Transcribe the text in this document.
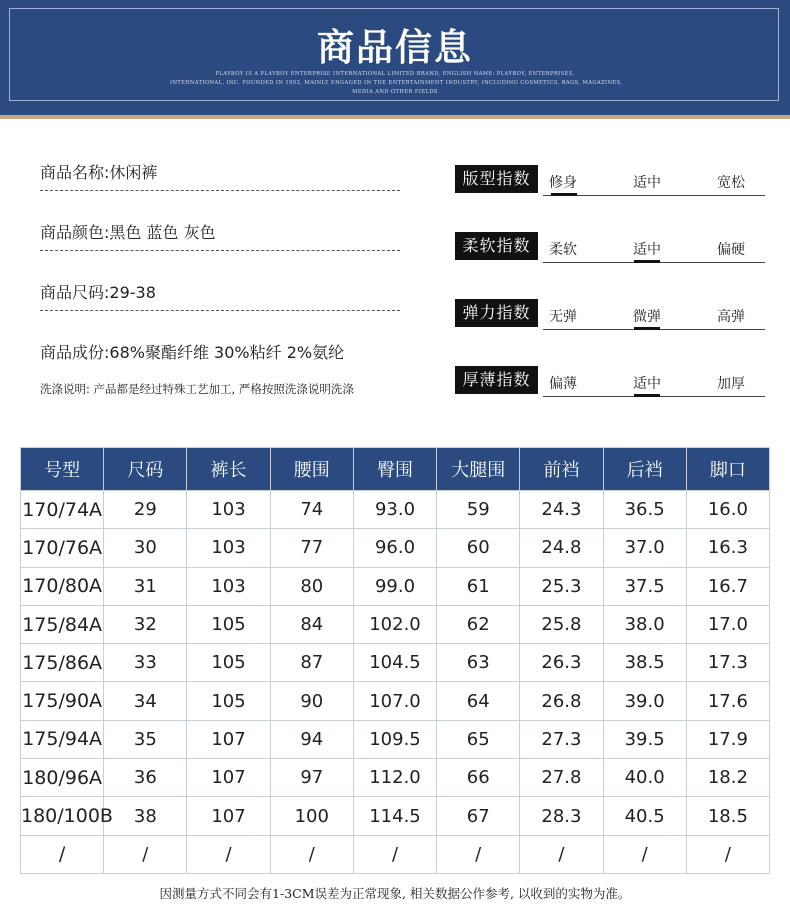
商品信息
PLAYBOY IS A PLAYBOY ENTERPRISE INTERNATIONAL LIMITED BRAND, ENGLISH NAME: PLAYBOY, ENTERPRISES,
INTERNATIONAL, INC. FOUNDED IN 1953, MAINLY ENGAGED IN THE ENTERTAINMENT INDUSTRY, INCLUDING COSMETICS, BAGS, MAGAZINES,
MEDIA AND OTHER FIELDS
商品名称:休闲裤
商品颜色:黑色 蓝色 灰色
商品尺码:29-38
商品成份:68%聚酯纤维 30%粘纤 2%氨纶
洗涤说明: 产品都是经过特殊工艺加工, 严格按照洗涤说明洗涤
版型指数	修身	适中	宽松
柔软指数	柔软	适中	偏硬
弹力指数	无弹	微弹	高弹
厚薄指数	偏薄	适中	加厚
号型	尺码	裤长	腰围	臀围	大腿围	前裆	后裆	脚口
170/74A	29	103	74	93.0	59	24.3	36.5	16.0
170/76A	30	103	77	96.0	60	24.8	37.0	16.3
170/80A	31	103	80	99.0	61	25.3	37.5	16.7
175/84A	32	105	84	102.0	62	25.8	38.0	17.0
175/86A	33	105	87	104.5	63	26.3	38.5	17.3
175/90A	34	105	90	107.0	64	26.8	39.0	17.6
175/94A	35	107	94	109.5	65	27.3	39.5	17.9
180/96A	36	107	97	112.0	66	27.8	40.0	18.2
180/100B	38	107	100	114.5	67	28.3	40.5	18.5
/	/	/	/	/	/	/	/	/
因测量方式不同会有1-3CM误差为正常现象, 相关数据公作参考, 以收到的实物为准。
